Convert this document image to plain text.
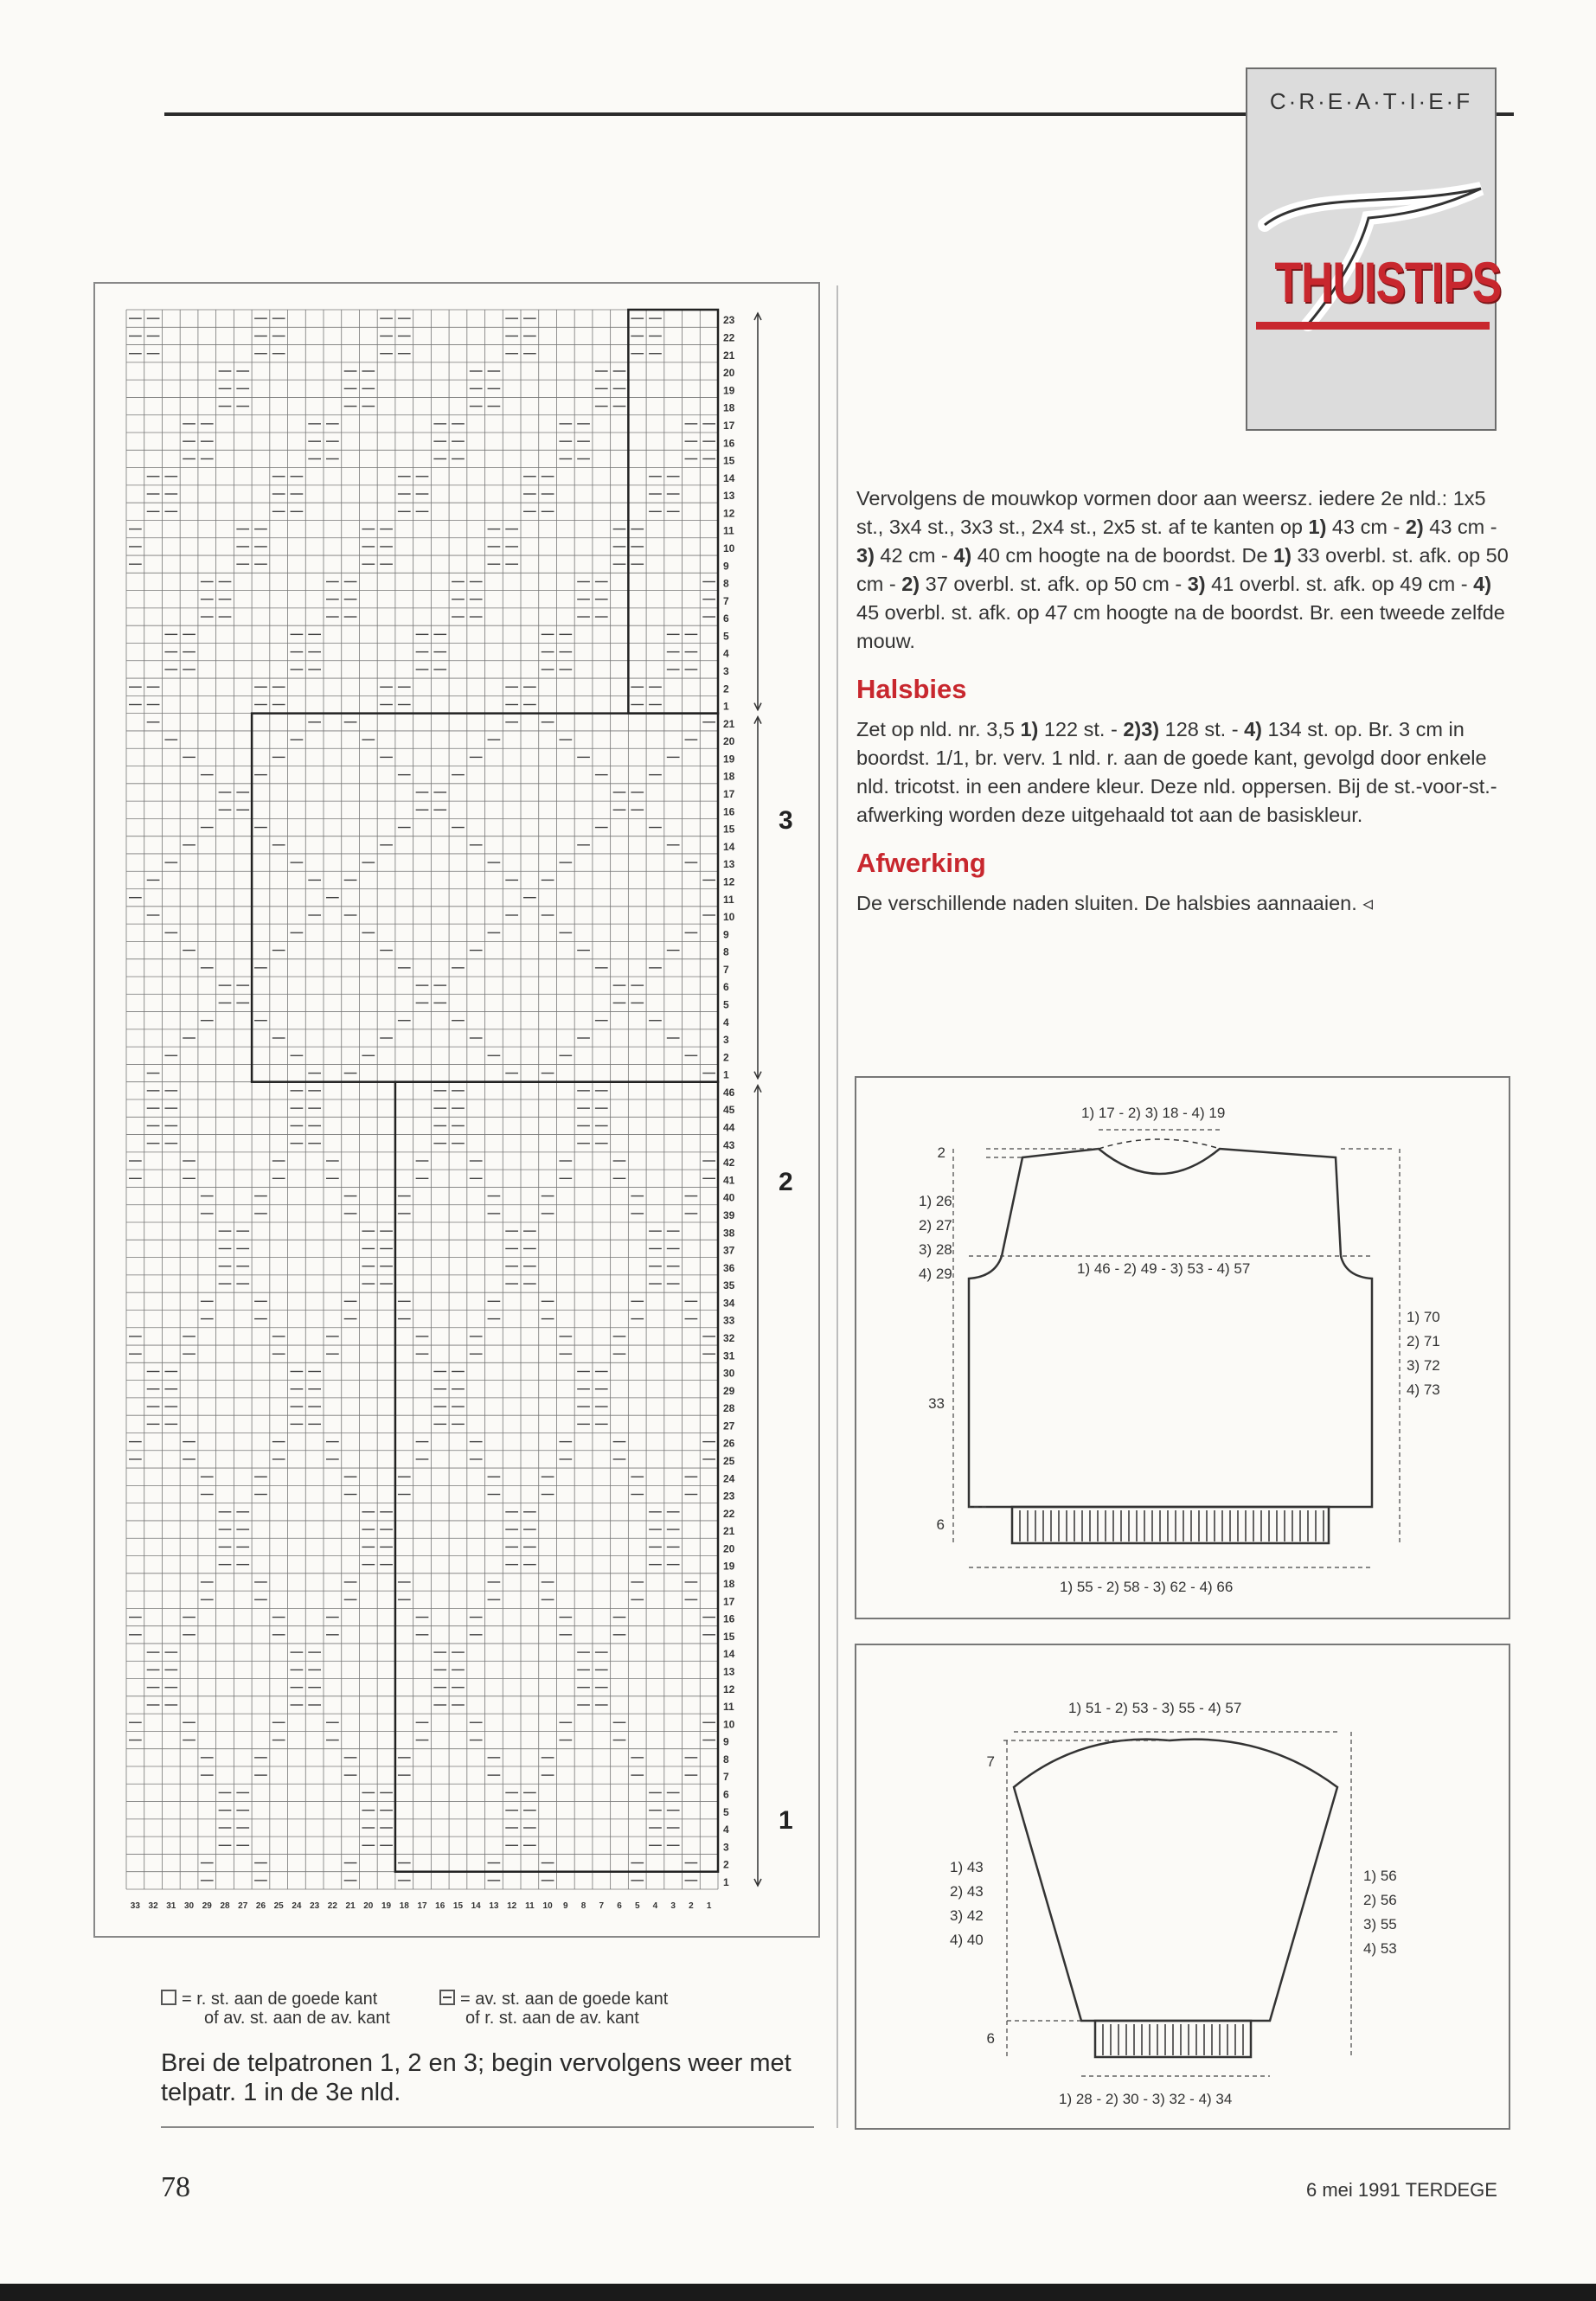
C·R·E·A·T·I·E·F
THUISTIPS
23
22
21
20
19
18
17
16
15
14
13
12
11
10
9
8
7
6
5
4
3
2
1
21
20
19
18
17
16
15
14
13
12
11
10
9
8
7
6
5
4
3
2
1
46
45
44
43
42
41
40
39
38
37
36
35
34
33
32
31
30
29
28
27
26
25
24
23
22
21
20
19
18
17
16
15
14
13
12
11
10
9
8
7
6
5
4
3
2
1
33 32 31 30 29 28 27 26 25 24 23 22 21 20 19 18 17 16 15 14 13 12 11 10 9 8 7 6 5 4 3 2 1
3
2
1
= r. st. aan de goede kant
of av. st. aan de av. kant
= av. st. aan de goede kant
of r. st. aan de av. kant
Brei de telpatronen 1, 2 en 3; begin vervolgens weer met telpatr. 1 in de 3e nld.

Vervolgens de mouwkop vormen door aan weersz. iedere 2e nld.: 1x5 st., 3x4 st., 3x3 st., 2x4 st., 2x5 st. af te kanten op 1) 43 cm - 2) 43 cm - 3) 42 cm - 4) 40 cm hoogte na de boordst. De 1) 33 overbl. st. afk. op 50 cm - 2) 37 overbl. st. afk. op 50 cm - 3) 41 overbl. st. afk. op 49 cm - 4) 45 overbl. st. afk. op 47 cm hoogte na de boordst. Br. een tweede zelfde mouw.

Halsbies

Zet op nld. nr. 3,5 1) 122 st. - 2)3) 128 st. - 4) 134 st. op. Br. 3 cm in boordst. 1/1, br. verv. 1 nld. r. aan de goede kant, gevolgd door enkele nld. tricotst. in een andere kleur. Deze nld. oppersen. Bij de st.-voor-st.-afwerking worden deze uitgehaald tot aan de basiskleur.

Afwerking

De verschillende naden sluiten. De halsbies aannaaien. ◃

1) 17 - 2) 3) 18 - 4) 19
2
1) 26
2) 27
3) 28
4) 29	1) 46 - 2) 49 - 3) 53 - 4) 57
1) 70
2) 71
3) 72
4) 73
33
6
1) 55 - 2) 58 - 3) 62 - 4) 66
1) 51 - 2) 53 - 3) 55 - 4) 57
7
1) 43
2) 43
3) 42
4) 40
1) 56
2) 56
3) 55
4) 53
6
1) 28 - 2) 30 - 3) 32 - 4) 34
78	6 mei 1991 TERDEGE
